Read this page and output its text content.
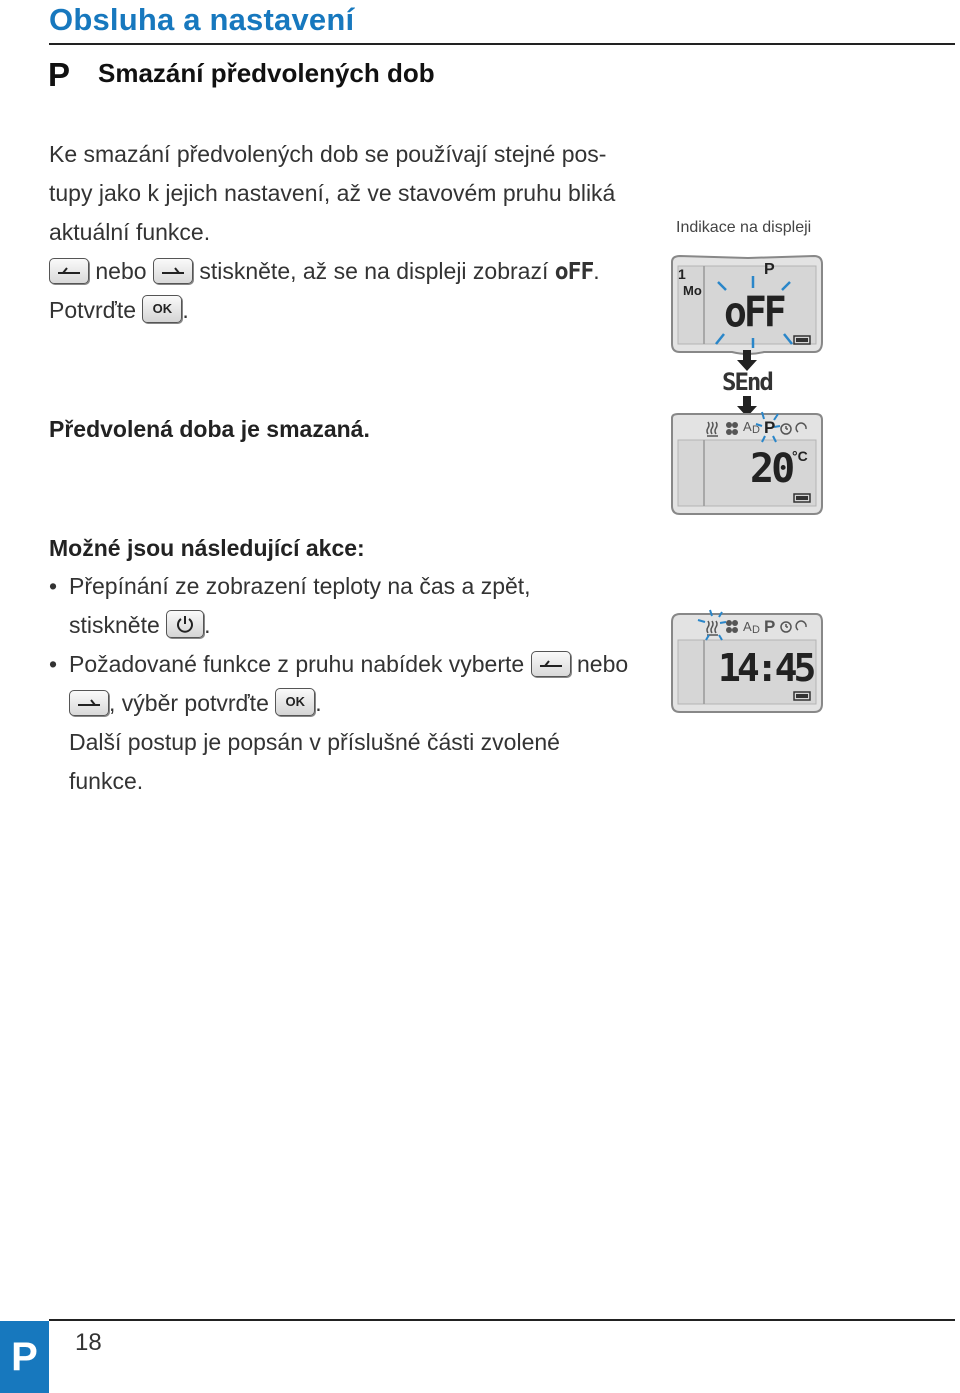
Obsluha a nastavení
P Smazání předvolených dob
Ke smazání předvolených dob se používají stejné pos-
tupy jako k jejich nastavení, až ve stavovém pruhu bliká
aktuální funkce.
nebo stiskněte, až se na displeji zobrazí oFF.
Potvrďte OK .
Předvolená doba je smazaná.
Možné jsou následující akce:
• Přepínání ze zobrazení teploty na čas a zpět,
stiskněte .
• Požadované funkce z pruhu nabídek vyberte nebo
, výběr potvrďte OK .
Další postup je popsán v příslušné části zvolené
funkce.
Indikace na displeji
1
Mo
P
oFF
SEnd
A D P
20 °C
A D P
14:45
P	18
